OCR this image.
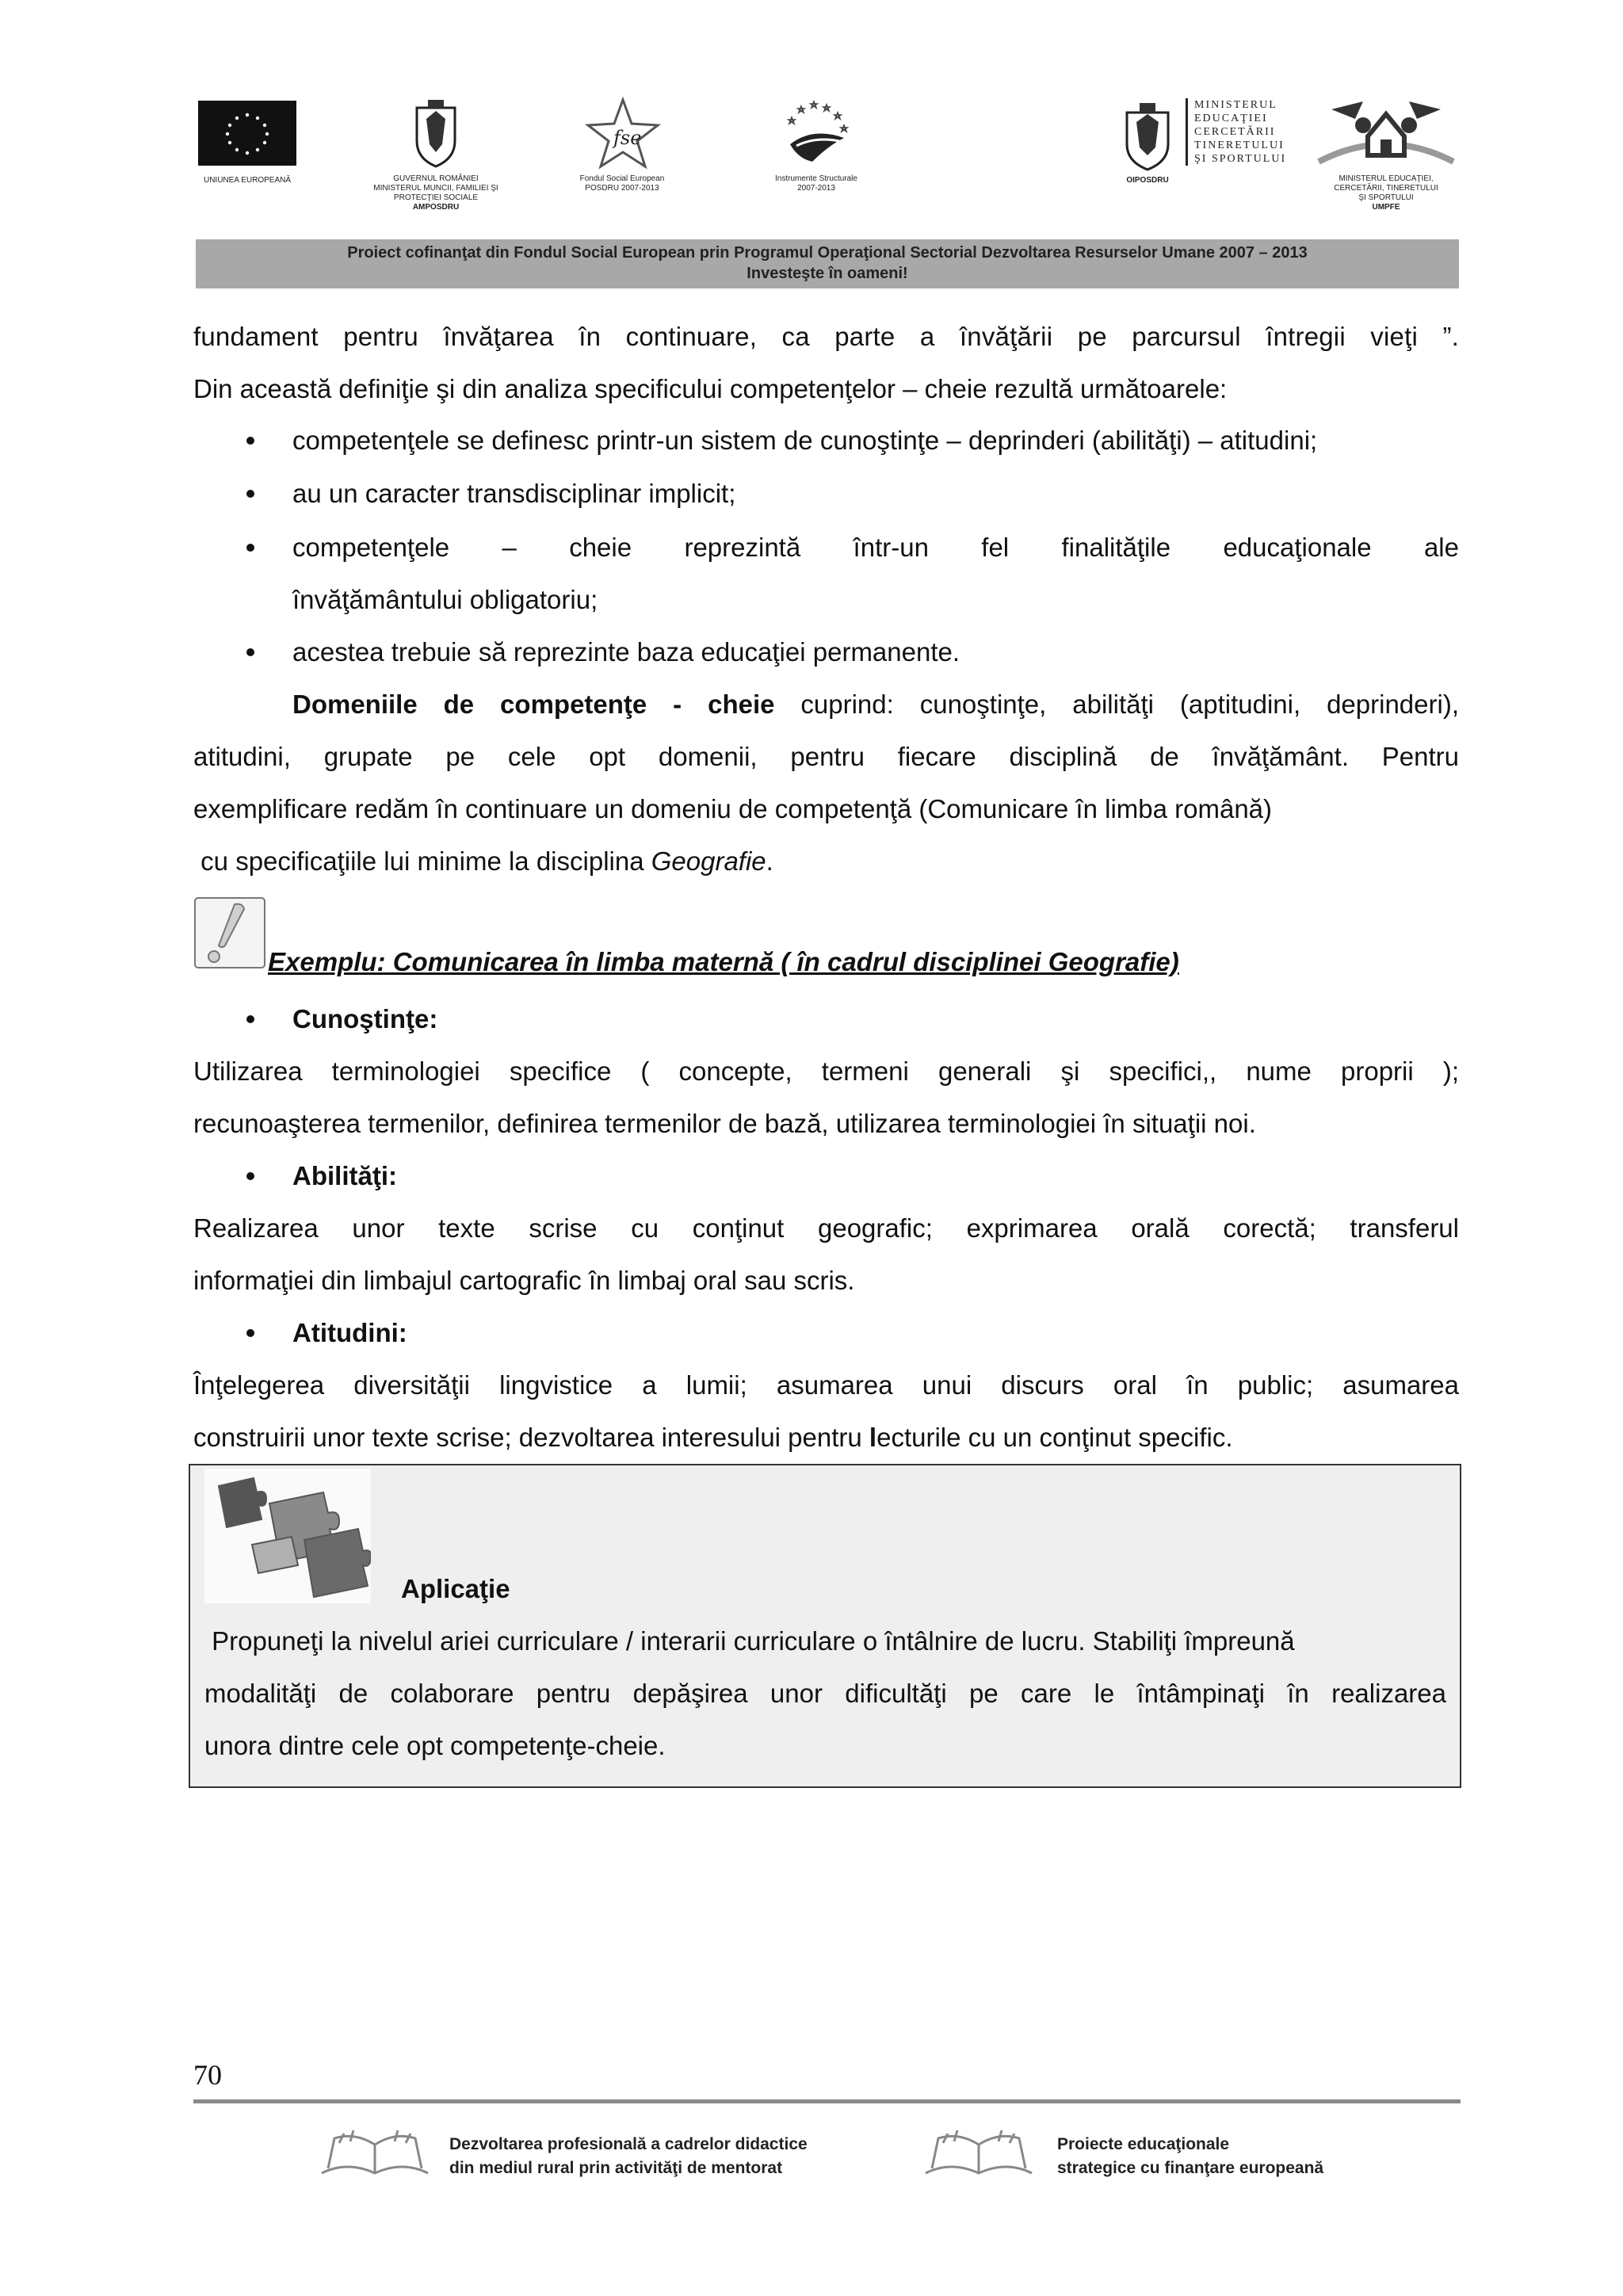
UNIUNEA EUROPEANĂ	GUVERNUL ROMÂNIEI
MINISTERUL MUNCII, FAMILIEI ŞI
PROTECŢIEI SOCIALE
AMPOSDRU
fse
Fondul Social European
POSDRU 2007-2013
Instrumente Structurale
2007-2013
MINISTERUL
EDUCAŢIEI
CERCETĂRII
TINERETULUI
ŞI SPORTULUI
OIPOSDRU	MINISTERUL EDUCAŢIEI,
CERCETĂRII, TINERETULUI
ŞI SPORTULUI
UMPFE
Proiect cofinanţat din Fondul Social European prin Programul Operaţional Sectorial Dezvoltarea Resurselor Umane 2007 – 2013
Investeşte în oameni!
fundament pentru învăţarea în continuare, ca parte a învăţării pe parcursul întregii vieţi ”.
Din această definiţie şi din analiza specificului competenţelor – cheie rezultă următoarele:
competenţele se definesc printr-un sistem de cunoştinţe – deprinderi (abilităţi) – atitudini;
au un caracter transdisciplinar implicit;
competenţele – cheie reprezintă într-un fel finalităţile educaţionale ale
învăţământului obligatoriu;
acestea trebuie să reprezinte baza educaţiei permanente.
Domeniile de competenţe - cheie cuprind: cunoştinţe, abilităţi (aptitudini, deprinderi),
atitudini, grupate pe cele opt domenii, pentru fiecare disciplină de învăţământ. Pentru
exemplificare redăm în continuare un domeniu de competenţă (Comunicare în limba română)
cu specificaţiile lui minime la disciplina Geografie.
Exemplu: Comunicarea în limba maternă ( în cadrul disciplinei Geografie)
Cunoştinţe:
Utilizarea terminologiei specifice ( concepte, termeni generali şi specifici,, nume proprii );
recunoaşterea termenilor, definirea termenilor de bază, utilizarea terminologiei în situaţii noi.
Abilităţi:
Realizarea unor texte scrise cu conţinut geografic; exprimarea orală corectă; transferul
informaţiei din limbajul cartografic în limbaj oral sau scris.
Atitudini:
Înţelegerea diversităţii lingvistice a lumii; asumarea unui discurs oral în public; asumarea
construirii unor texte scrise; dezvoltarea interesului pentru lecturile cu un conţinut specific.
Aplicaţie
Propuneţi la nivelul ariei curriculare / interarii curriculare o întâlnire de lucru. Stabiliţi împreună
modalităţi de colaborare pentru depăşirea unor dificultăţi pe care le întâmpinaţi în realizarea
unora dintre cele opt competenţe-cheie.
70
Dezvoltarea profesională a cadrelor didactice
din mediul rural prin activităţi de mentorat
Proiecte educaţionale
strategice cu finanţare europeană
